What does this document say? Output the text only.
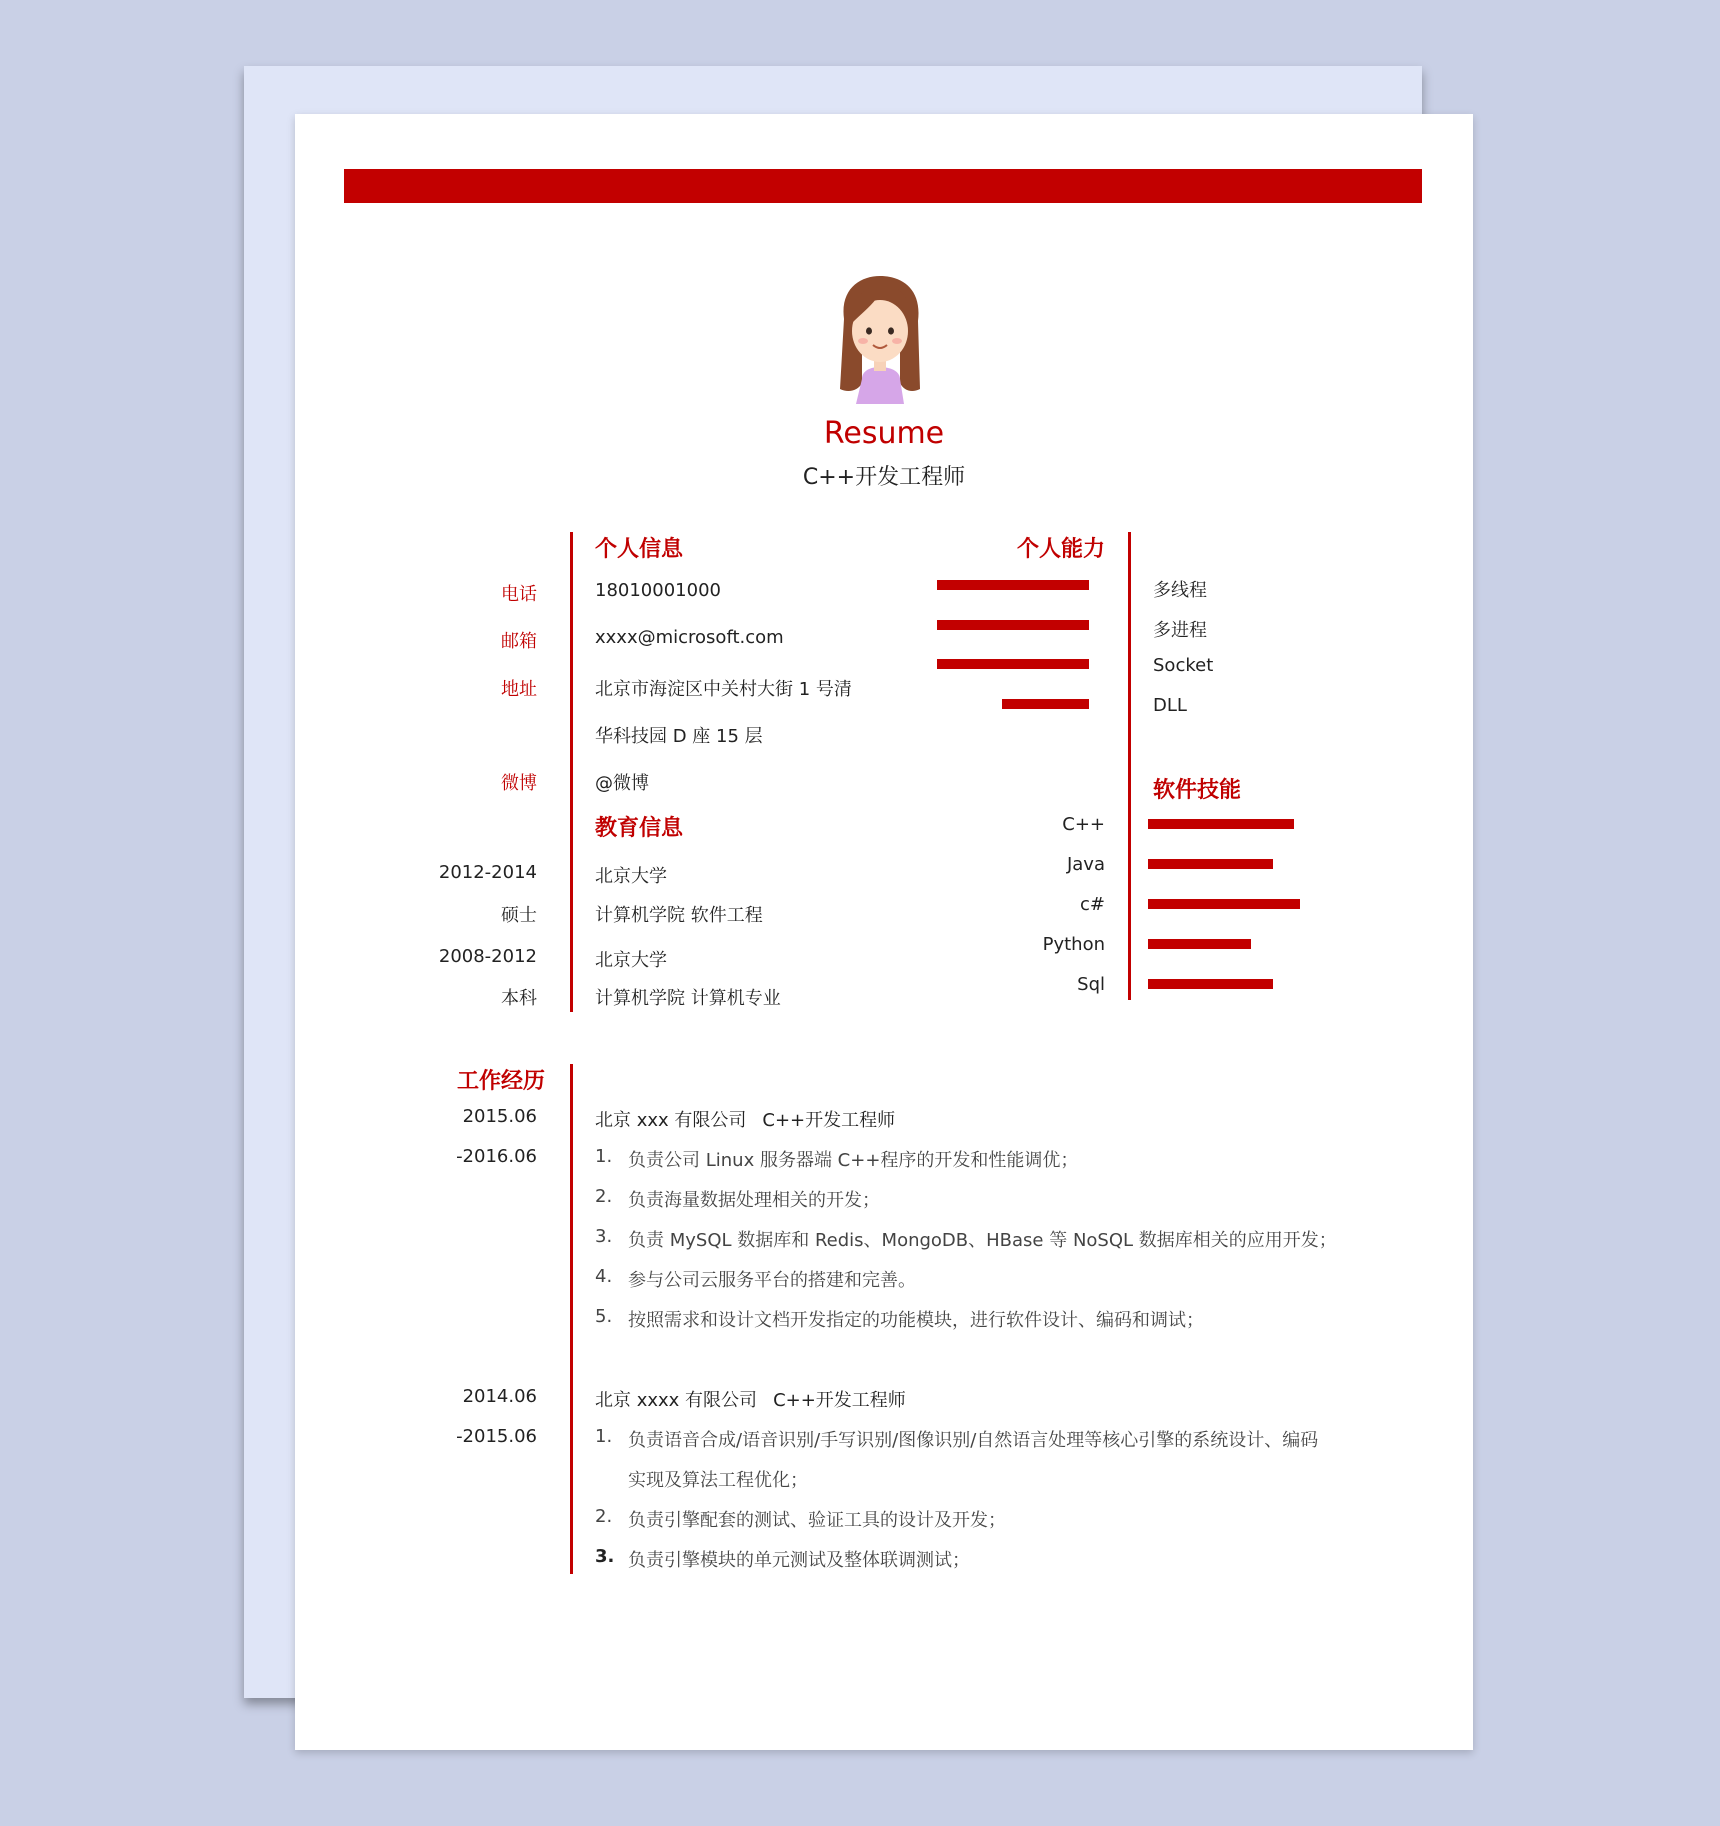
Resume
C++开发工程师
个人信息
电话	18010001000
邮箱	xxxx@microsoft.com
地址	北京市海淀区中关村大街 1 号清
华科技园 D 座 15 层
微博	@微博
教育信息
2012-2014	北京大学
硕士	计算机学院 软件工程
2008-2012	北京大学
本科	计算机学院 计算机专业
个人能力
多线程
多进程
Socket
DLL
软件技能
C++
Java
c#
Python
Sql
工作经历
2015.06
-2016.06
北京 xxx 有限公司 C++开发工程师
1. 负责公司 Linux 服务器端 C++程序的开发和性能调优；
2. 负责海量数据处理相关的开发；
3. 负责 MySQL 数据库和 Redis、MongoDB、HBase 等 NoSQL 数据库相关的应用开发；
4. 参与公司云服务平台的搭建和完善。
5. 按照需求和设计文档开发指定的功能模块，进行软件设计、编码和调试；
2014.06
-2015.06
北京 xxxx 有限公司 C++开发工程师
1. 负责语音合成/语音识别/手写识别/图像识别/自然语言处理等核心引擎的系统设计、编码
实现及算法工程优化；
2. 负责引擎配套的测试、验证工具的设计及开发；
3. 负责引擎模块的单元测试及整体联调测试；
